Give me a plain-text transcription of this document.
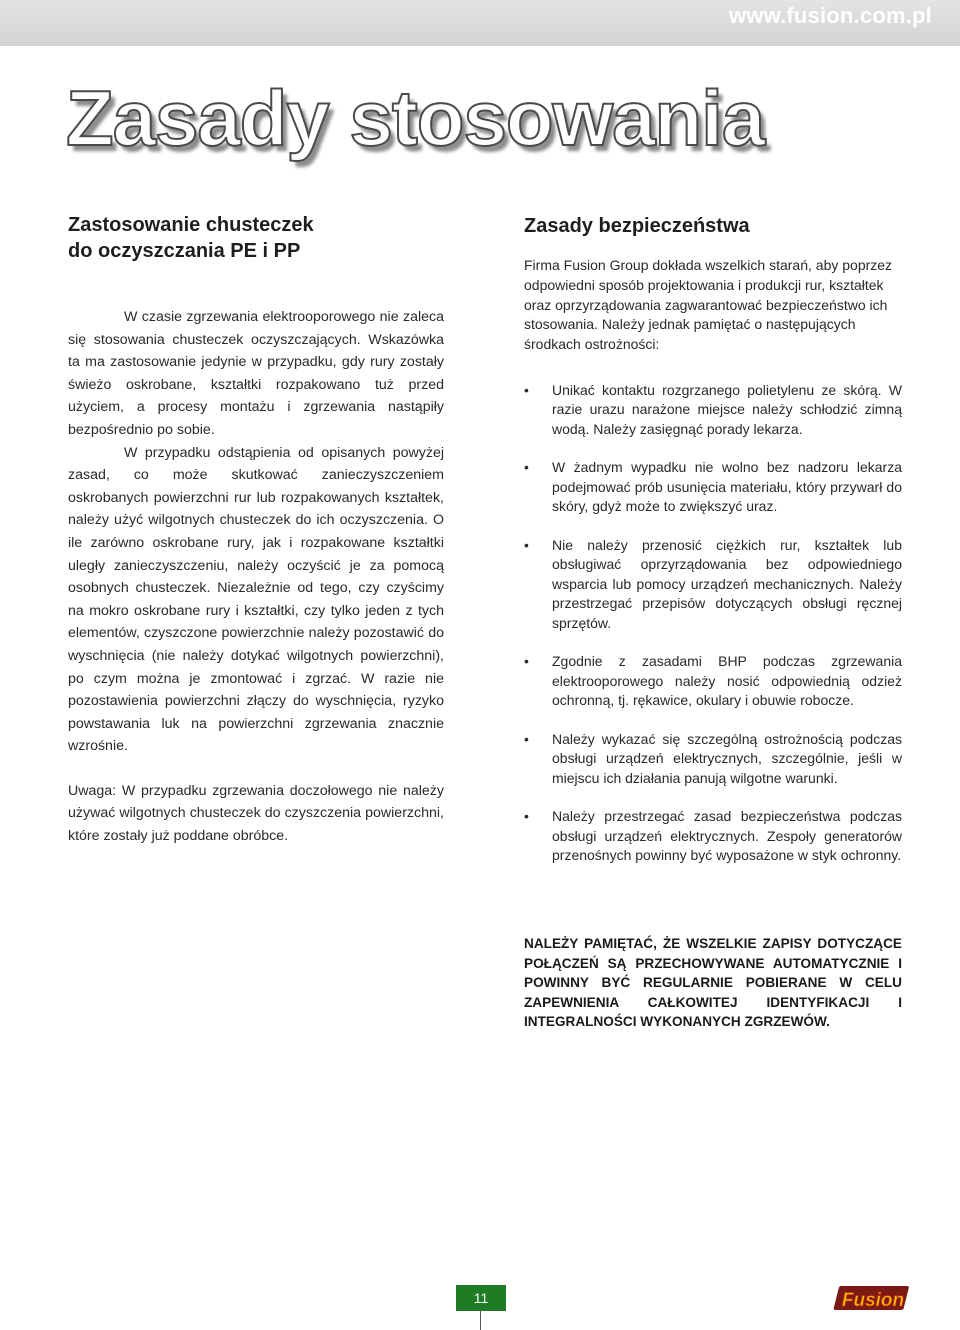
www.fusion.com.pl
Zasady stosowania
Zastosowanie chusteczek
do oczyszczania PE i PP

W czasie zgrzewania elektrooporowego nie zaleca się stosowania chusteczek oczyszczających. Wskazówka ta ma zastosowanie jedynie w przypadku, gdy rury zostały świeżo oskrobane, kształtki rozpakowano tuż przed użyciem, a procesy montażu i zgrzewania nastąpiły bezpośrednio po sobie.

W przypadku odstąpienia od opisanych powyżej zasad, co może skutkować zanieczyszczeniem oskrobanych powierzchni rur lub rozpakowanych kształtek, należy użyć wilgotnych chusteczek do ich oczyszczenia. O ile zarówno oskrobane rury, jak i rozpakowane kształtki uległy zanieczyszczeniu, należy oczyścić je za pomocą osobnych chusteczek. Niezależnie od tego, czy czyścimy na mokro oskrobane rury i kształtki, czy tylko jeden z tych elementów, czyszczone powierzchnie należy pozostawić do wyschnięcia (nie należy dotykać wilgotnych powierzchni), po czym można je zmontować i zgrzać. W razie nie pozostawienia powierzchni złączy do wyschnięcia, ryzyko powstawania luk na powierzchni zgrzewania znacznie wzrośnie.

Uwaga: W przypadku zgrzewania doczołowego nie należy używać wilgotnych chusteczek do czyszczenia powierzchni, które zostały już poddane obróbce.

Zasady bezpieczeństwa

Firma Fusion Group dokłada wszelkich starań, aby poprzez odpowiedni sposób projektowania i produkcji rur, kształtek oraz oprzyrządowania zagwarantować bezpieczeństwo ich stosowania. Należy jednak pamiętać o następujących środkach ostrożności:

• Unikać kontaktu rozgrzanego polietylenu ze skórą. W razie urazu narażone miejsce należy schłodzić zimną wodą. Należy zasięgnąć porady lekarza.
• W żadnym wypadku nie wolno bez nadzoru lekarza podejmować prób usunięcia materiału, który przywarł do skóry, gdyż może to zwiększyć uraz.
• Nie należy przenosić ciężkich rur, kształtek lub obsługiwać oprzyrządowania bez odpowiedniego wsparcia lub pomocy urządzeń mechanicznych. Należy przestrzegać przepisów dotyczących obsługi ręcznej sprzętów.
• Zgodnie z zasadami BHP podczas zgrzewania elektrooporowego należy nosić odpowiednią odzież ochronną, tj. rękawice, okulary i obuwie robocze.
• Należy wykazać się szczególną ostrożnością podczas obsługi urządzeń elektrycznych, szczególnie, jeśli w miejscu ich działania panują wilgotne warunki.
• Należy przestrzegać zasad bezpieczeństwa podczas obsługi urządzeń elektrycznych. Zespoły generatorów przenośnych powinny być wyposażone w styk ochronny.

NALEŻY PAMIĘTAĆ, ŻE WSZELKIE ZAPISY DOTYCZĄCE POŁĄCZEŃ SĄ PRZECHOWYWANE AUTOMATYCZNIE I POWINNY BYĆ REGULARNIE POBIERANE W CELU ZAPEWNIENIA CAŁKOWITEJ IDENTYFIKACJI I INTEGRALNOŚCI WYKONANYCH ZGRZEWÓW.

11	Fusion
